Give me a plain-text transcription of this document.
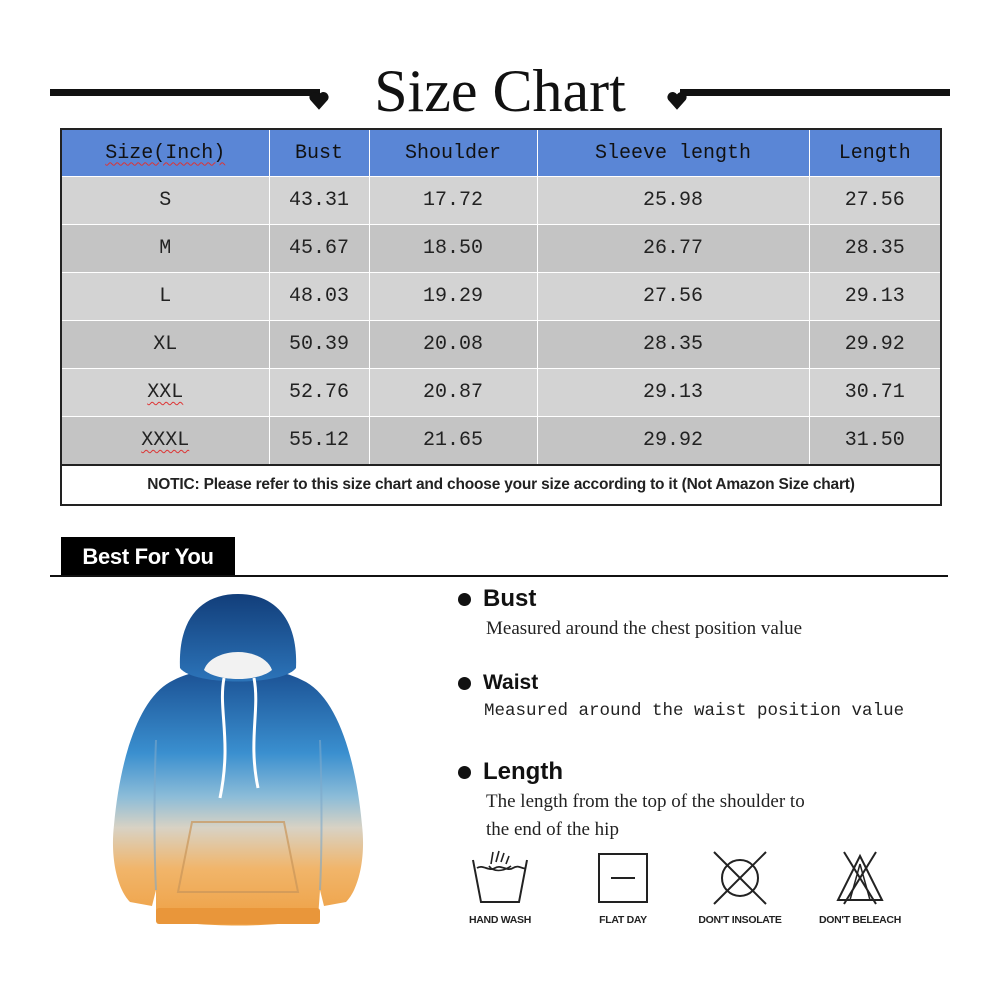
Size Chart
Size(Inch)	Bust	Shoulder	Sleeve length	Length
S	43.31	17.72	25.98	27.56
M	45.67	18.50	26.77	28.35
L	48.03	19.29	27.56	29.13
XL	50.39	20.08	28.35	29.92
XXL	52.76	20.87	29.13	30.71
XXXL	55.12	21.65	29.92	31.50
NOTIC: Please refer to this size chart and choose your size according to it (Not Amazon Size chart)				
Best For You
Bust
Measured around the chest position value
Waist
Measured around the waist position value
Length
The length from the top of the shoulder to
the end of the hip
HAND WASH	FLAT DAY	DON'T INSOLATE	DON'T BELEACH
